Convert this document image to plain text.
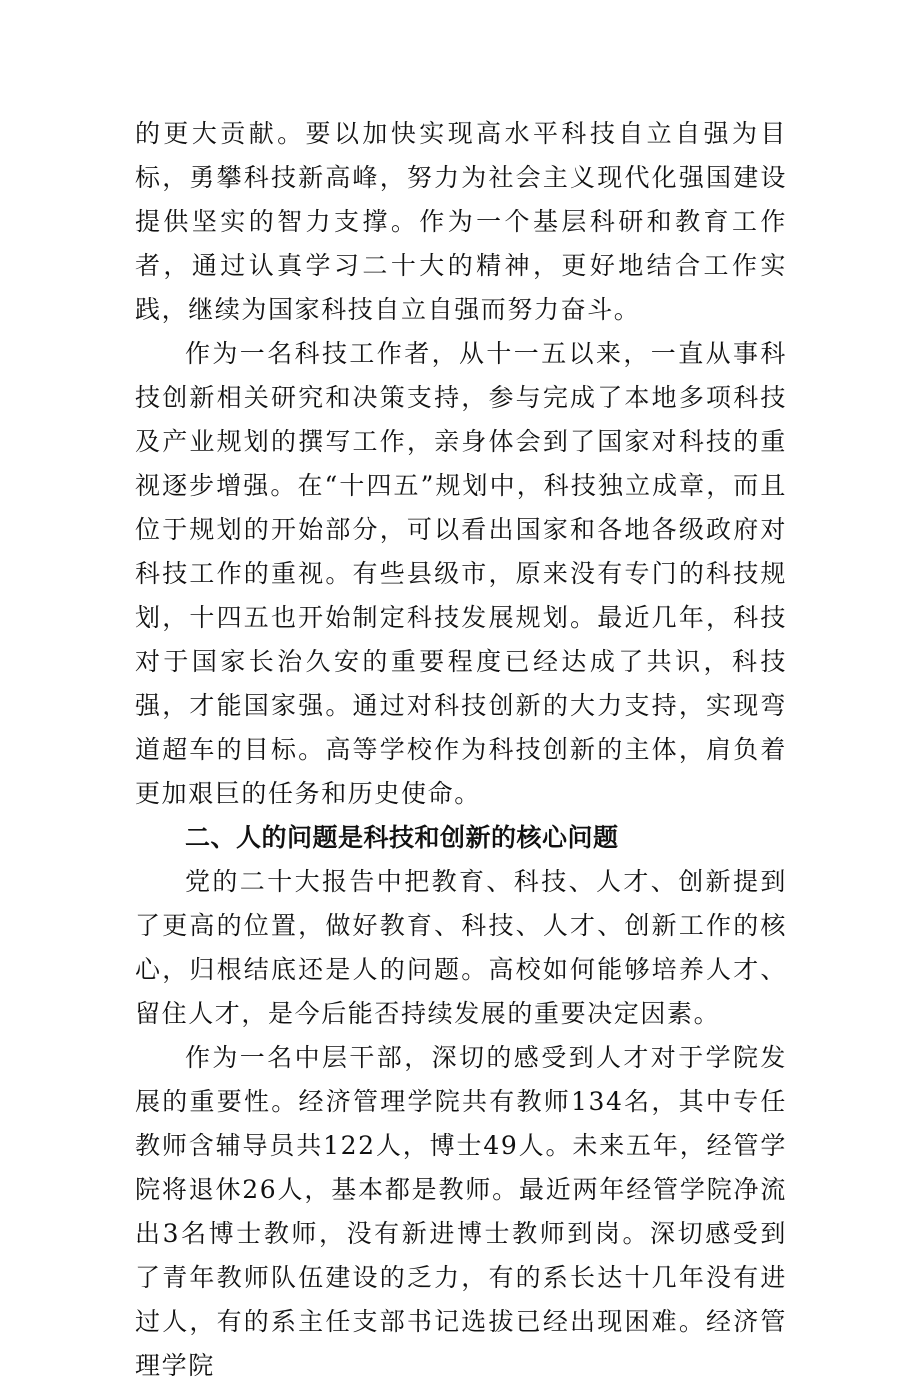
的更大贡献。要以加快实现高水平科技自立自强为目标，勇攀科技新高峰，努力为社会主义现代化强国建设提供坚实的智力支撑。作为一个基层科研和教育工作者，通过认真学习二十大的精神，更好地结合工作实践，继续为国家科技自立自强而努力奋斗。

作为一名科技工作者，从十一五以来，一直从事科技创新相关研究和决策支持，参与完成了本地多项科技及产业规划的撰写工作，亲身体会到了国家对科技的重视逐步增强。在“十四五”规划中，科技独立成章，而且位于规划的开始部分，可以看出国家和各地各级政府对科技工作的重视。有些县级市，原来没有专门的科技规划，十四五也开始制定科技发展规划。最近几年，科技对于国家长治久安的重要程度已经达成了共识，科技强，才能国家强。通过对科技创新的大力支持，实现弯道超车的目标。高等学校作为科技创新的主体，肩负着更加艰巨的任务和历史使命。

二、人的问题是科技和创新的核心问题

党的二十大报告中把教育、科技、人才、创新提到了更高的位置，做好教育、科技、人才、创新工作的核心，归根结底还是人的问题。高校如何能够培养人才、留住人才，是今后能否持续发展的重要决定因素。

作为一名中层干部，深切的感受到人才对于学院发展的重要性。经济管理学院共有教师134名，其中专任教师含辅导员共122人，博士49人。未来五年，经管学院将退休26人，基本都是教师。最近两年经管学院净流出3名博士教师，没有新进博士教师到岗。深切感受到了青年教师队伍建设的乏力，有的系长达十几年没有进过人，有的系主任支部书记选拔已经出现困难。经济管理学院
